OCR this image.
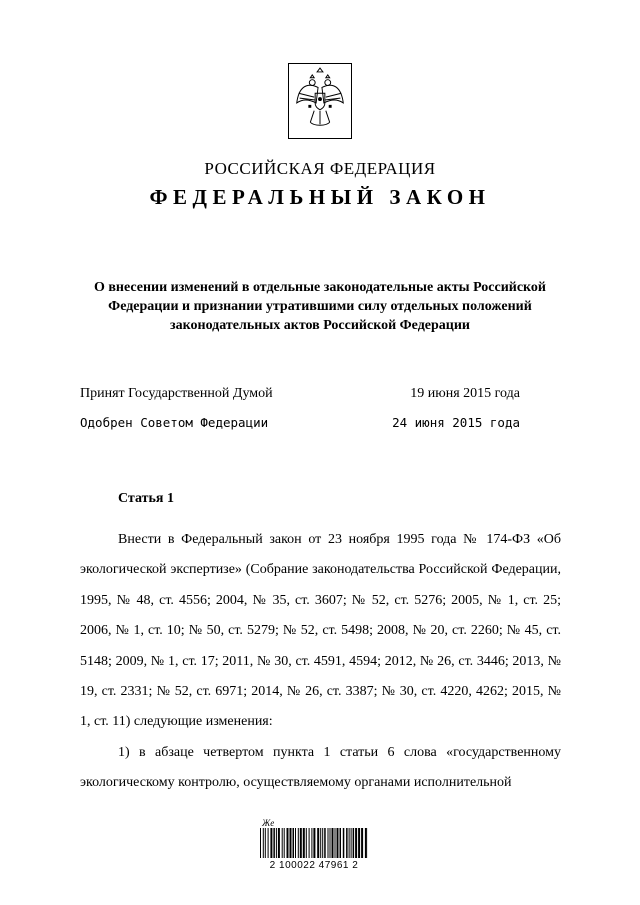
РОССИЙСКАЯ ФЕДЕРАЦИЯ
ФЕДЕРАЛЬНЫЙ ЗАКОН
О внесении изменений в отдельные законодательные акты Российской Федерации и признании утратившими силу отдельных положений законодательных актов Российской Федерации
Принят Государственной Думой	19 июня 2015 года
Одобрен Советом Федерации	24 июня 2015 года
Статья 1

Внести в Федеральный закон от 23 ноября 1995 года № 174-ФЗ «Об экологической экспертизе» (Собрание законодательства Российской Федерации, 1995, № 48, ст. 4556; 2004, № 35, ст. 3607; № 52, ст. 5276; 2005, № 1, ст. 25; 2006, № 1, ст. 10; № 50, ст. 5279; № 52, ст. 5498; 2008, № 20, ст. 2260; № 45, ст. 5148; 2009, № 1, ст. 17; 2011, № 30, ст. 4591, 4594; 2012, № 26, ст. 3446; 2013, № 19, ст. 2331; № 52, ст. 6971; 2014, № 26, ст. 3387; № 30, ст. 4220, 4262; 2015, № 1, ст. 11) следующие изменения:

1) в абзаце четвертом пункта 1 статьи 6 слова «государственному экологическому контролю, осуществляемому органами исполнительной

Же
2 100022 47961 2
